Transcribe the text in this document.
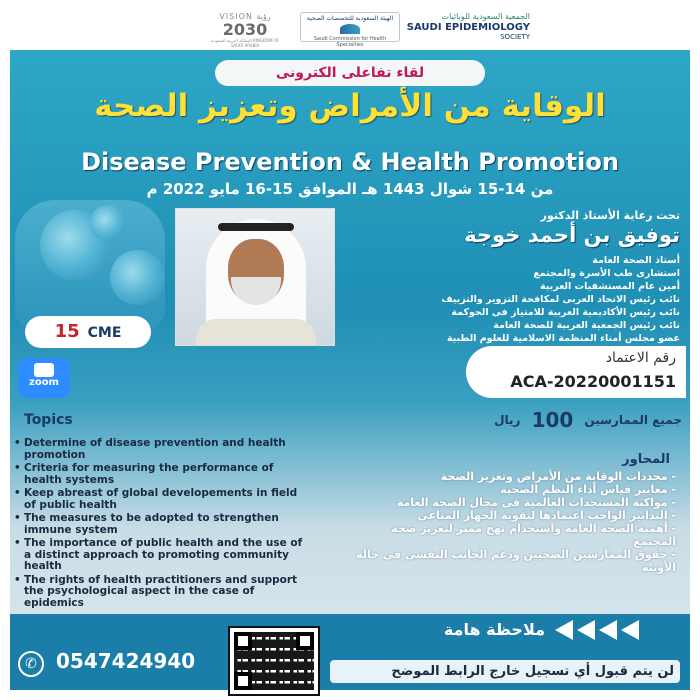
الجمعية السعودية للوبائيات
SAUDI EPIDEMIOLOGY
SOCIETY
الهيئة السعودية للتخصصات الصحية
Saudi Commission for Health Specialties
VISION رؤية
2030
المملكة العربية السعودية KINGDOM OF SAUDI ARABIA
لقاء تفاعلى الكترونى
الوقاية من الأمراض وتعزيز الصحة
Disease Prevention & Health Promotion
من 14-15 شوال 1443 هـ الموافق 15-16 مايو 2022 م
تحت رعاية الأستاذ الدكتور
توفيق بن أحمد خوجة
أستاذ الصحة العامة
استشارى طب الأسرة والمجتمع
أمين عام المستشفيات العربية
نائب رئيس الاتحاد العربى لمكافحة التزوير والتزييف
نائب رئيس الأكاديمية العربية للامتياز فى الحوكمة
نائب رئيس الجمعية العربية للصحة العامة
عضو مجلس أمناء المنظمة الاسلامية للعلوم الطبية
15 CME
zoom
رقم الاعتماد
ACA-20220001151
ريال 100 جميع الممارسين
Topics
• Determine of disease prevention and health promotion
• Criteria for measuring the performance of health systems
• Keep abreast of global developements in field of public health
• The measures to be adopted to strengthen immune system
• The importance of public health and the use of a distinct approach to promoting community health
• The rights of health practitioners and support the psychological aspect in the case of epidemics
المحاور
- محددات الوقاية من الأمراض وتعزيز الصحة
- معايير قياس أداء النظم الصحية
- مواكبة المستجدات العالمية فى مجال الصحة العامة
- التدابير الواجب اعتمادها لتقوية الجهاز المناعى
- أهمية الصحة العامة واستخدام نهج مميز لتعزيز صحة المجتمع
- حقوق الممارسين الصحيين ودعم الجانب النفسى فى حالة الأوبئة
ملاحظة هامة
✆ 0547424940	لن يتم قبول أي تسجيل خارج الرابط الموضح
